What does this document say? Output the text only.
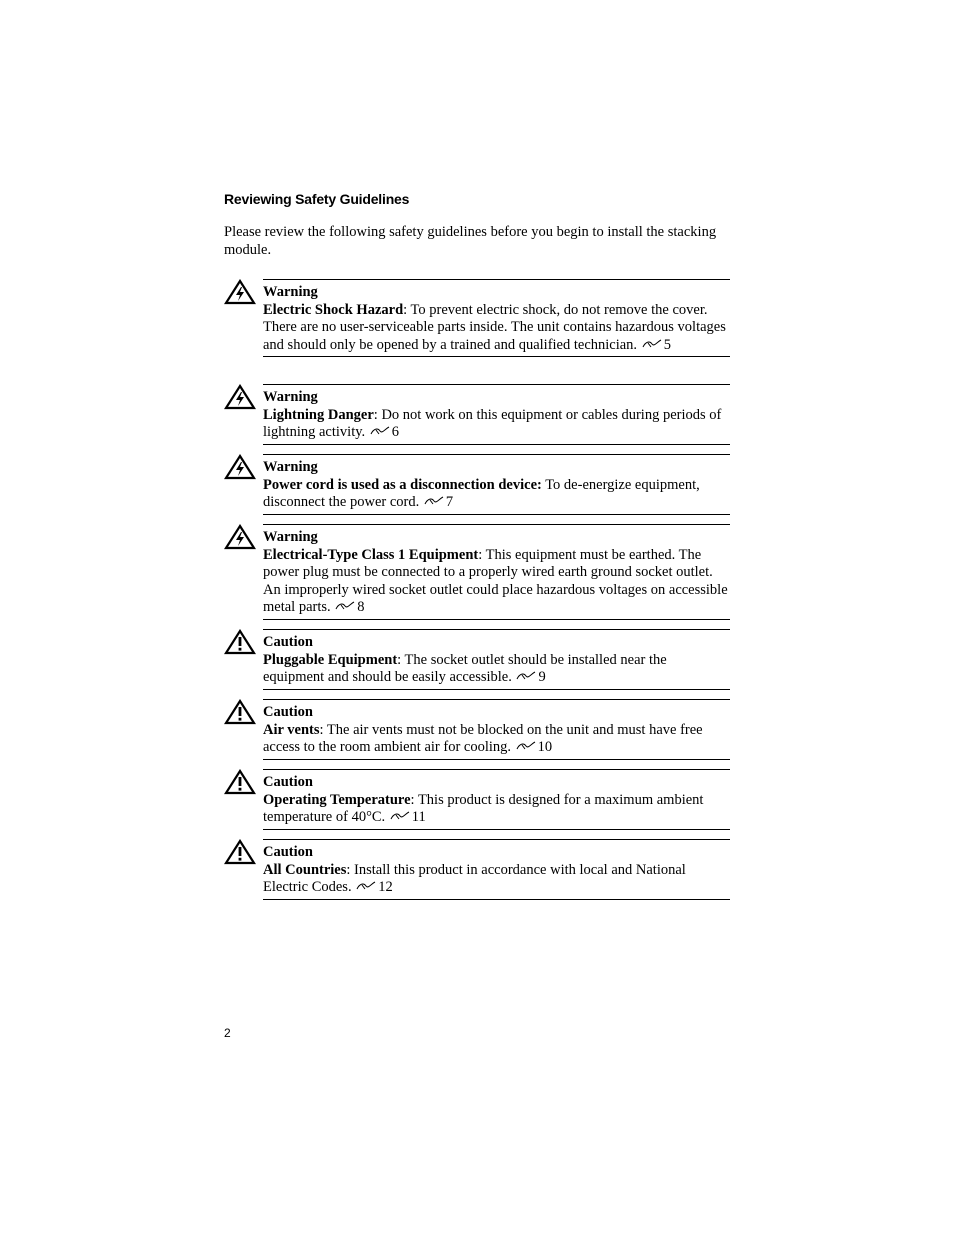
Reviewing Safety Guidelines
Please review the following safety guidelines before you begin to install the stacking module.
Warning
Electric Shock Hazard: To prevent electric shock, do not remove the cover. There are no user-serviceable parts inside. The unit contains hazardous voltages and should only be opened by a trained and qualified technician. 5
Warning
Lightning Danger: Do not work on this equipment or cables during periods of lightning activity. 6
Warning
Power cord is used as a disconnection device: To de-energize equipment, disconnect the power cord. 7
Warning
Electrical-Type Class 1 Equipment: This equipment must be earthed. The power plug must be connected to a properly wired earth ground socket outlet. An improperly wired socket outlet could place hazardous voltages on accessible metal parts. 8
Caution
Pluggable Equipment: The socket outlet should be installed near the equipment and should be easily accessible. 9
Caution
Air vents: The air vents must not be blocked on the unit and must have free access to the room ambient air for cooling. 10
Caution
Operating Temperature: This product is designed for a maximum ambient temperature of 40°C. 11
Caution
All Countries: Install this product in accordance with local and National Electric Codes. 12
2
